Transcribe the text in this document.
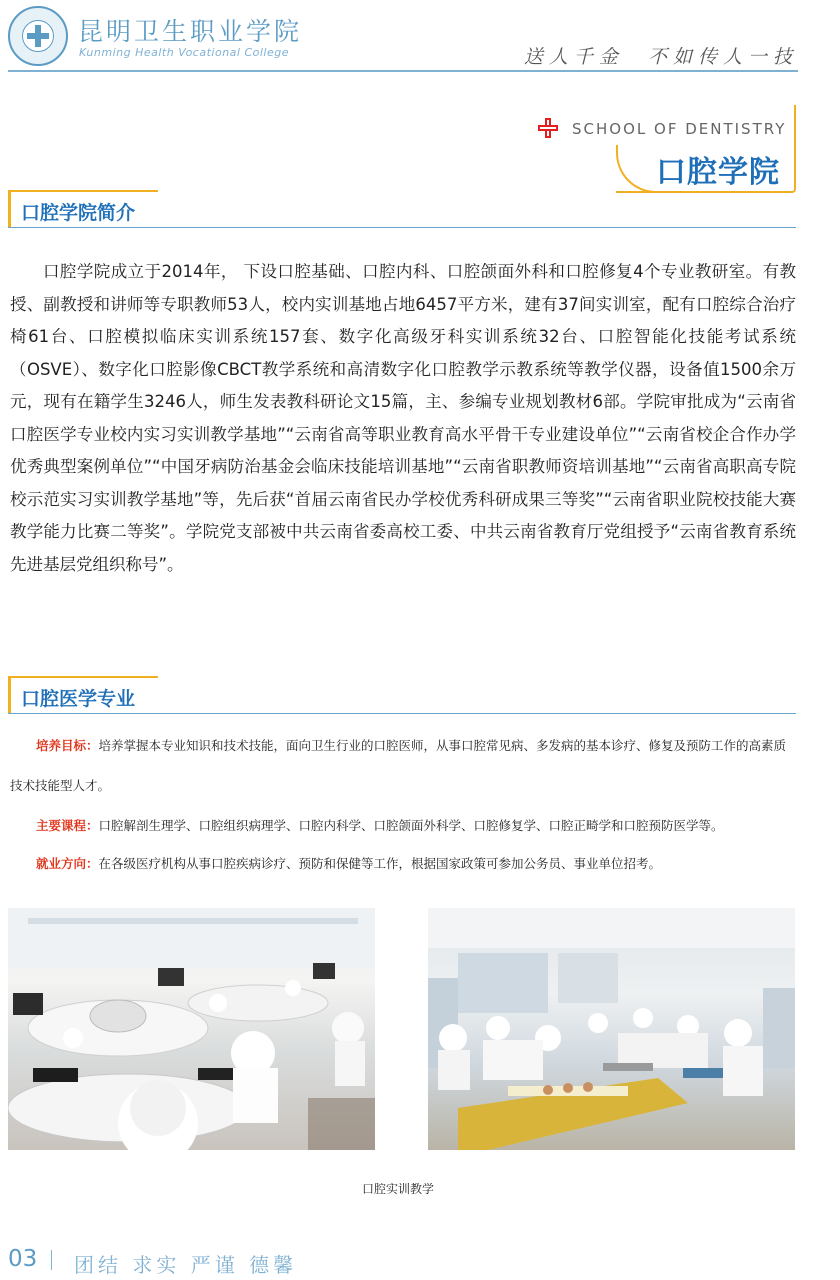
昆明卫生职业学院
Kunming Health Vocational College	送人千金  不如传人一技
SCHOOL OF DENTISTRY
口腔学院
口腔学院简介

口腔学院成立于2014年， 下设口腔基础、口腔内科、口腔颌面外科和口腔修复4个专业教研室。有教授、副教授和讲师等专职教师53人，校内实训基地占地6457平方米，建有37间实训室，配有口腔综合治疗椅61台、口腔模拟临床实训系统157套、数字化高级牙科实训系统32台、口腔智能化技能考试系统（OSVE）、数字化口腔影像CBCT教学系统和高清数字化口腔教学示教系统等教学仪器，设备值1500余万元，现有在籍学生3246人，师生发表教科研论文15篇，主、参编专业规划教材6部。学院审批成为“云南省口腔医学专业校内实习实训教学基地”“云南省高等职业教育高水平骨干专业建设单位”“云南省校企合作办学优秀典型案例单位”“中国牙病防治基金会临床技能培训基地”“云南省职教师资培训基地”“云南省高职高专院校示范实习实训教学基地”等，先后获“首届云南省民办学校优秀科研成果三等奖”“云南省职业院校技能大赛教学能力比赛二等奖”。学院党支部被中共云南省委高校工委、中共云南省教育厅党组授予“云南省教育系统先进基层党组织称号”。

口腔医学专业

培养目标：培养掌握本专业知识和技术技能，面向卫生行业的口腔医师，从事口腔常见病、多发病的基本诊疗、修复及预防工作的高素质技术技能型人才。

主要课程：口腔解剖生理学、口腔组织病理学、口腔内科学、口腔颌面外科学、口腔修复学、口腔正畸学和口腔预防医学等。

就业方向：在各级医疗机构从事口腔疾病诊疗、预防和保健等工作，根据国家政策可参加公务员、事业单位招考。

口腔实训教学
03 团结 求实 严谨 德馨
